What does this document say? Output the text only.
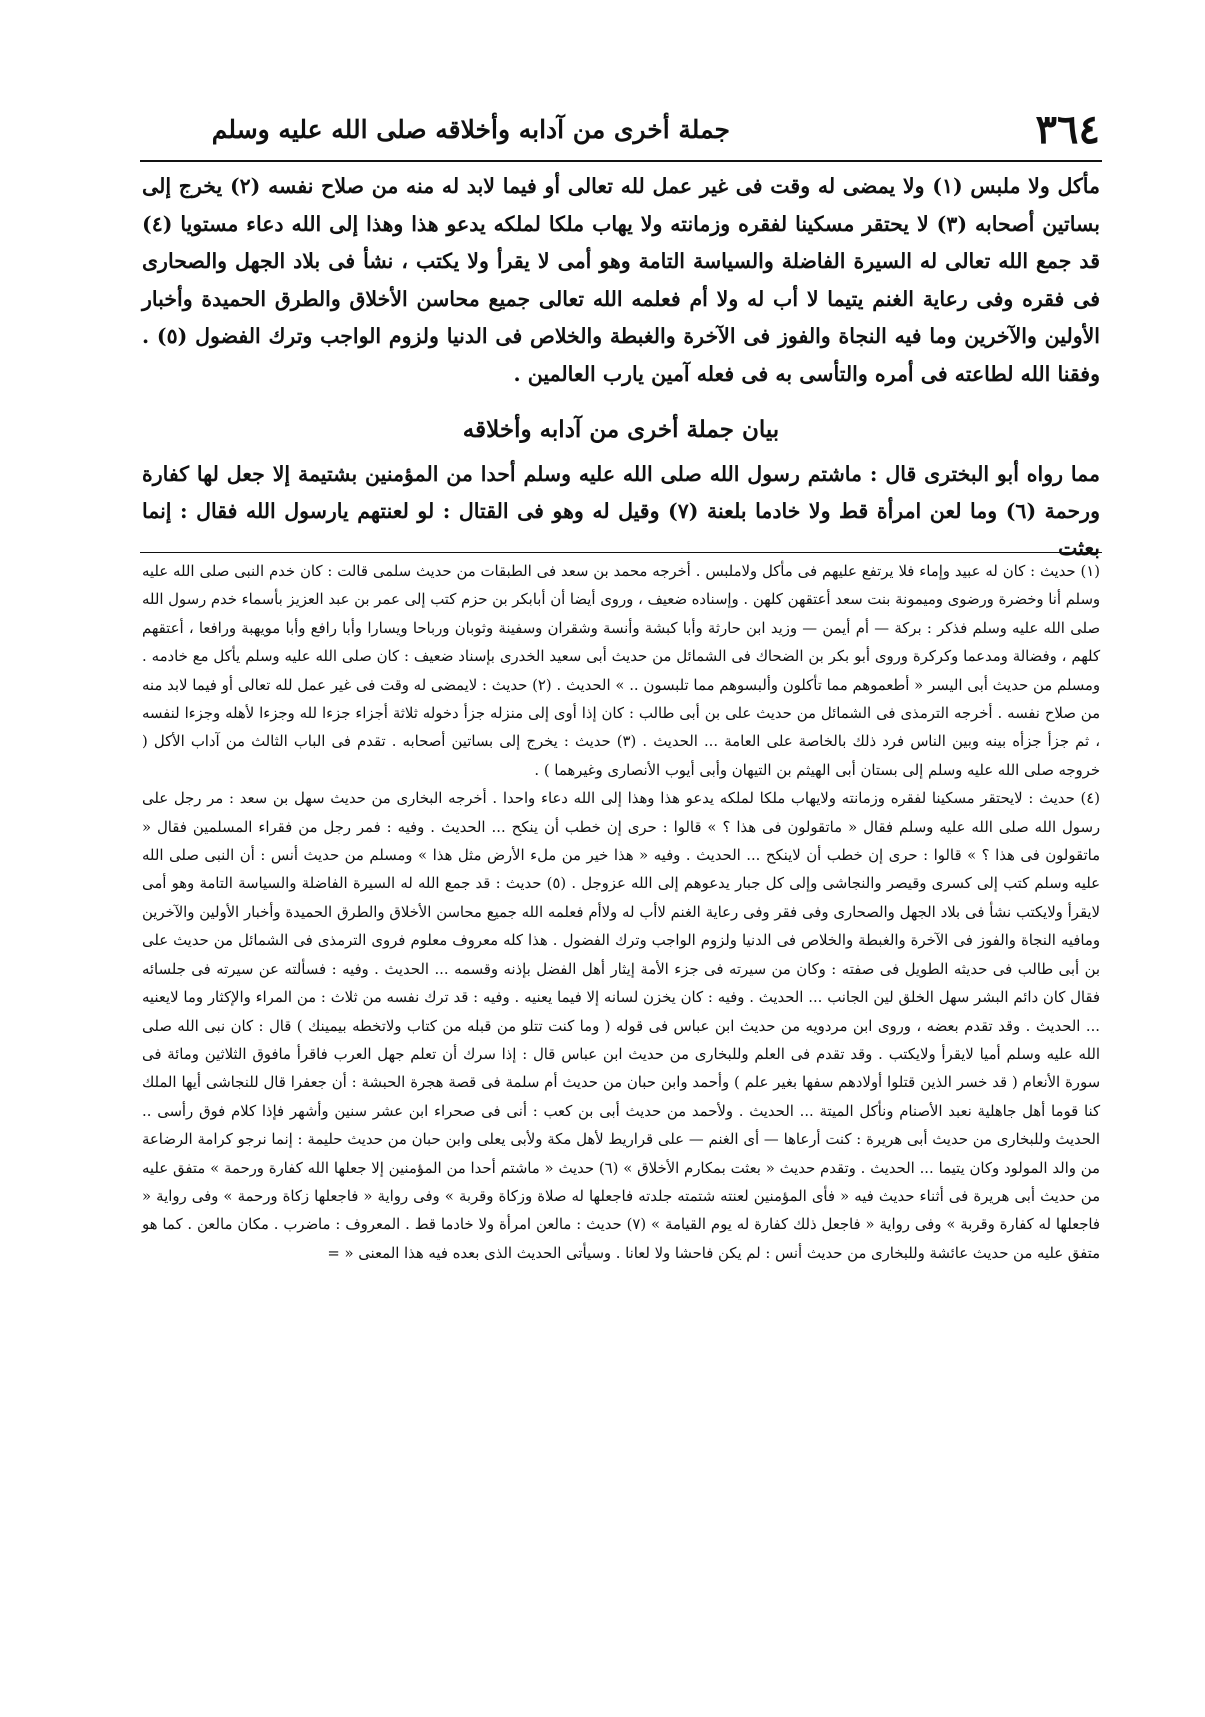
٣٦٤
جملة أخرى من آدابه وأخلاقه صلى الله عليه وسلم

مأكل ولا ملبس (١) ولا يمضى له وقت فى غير عمل لله تعالى أو فيما لابد له منه من صلاح نفسه (٢) يخرج إلى بساتين أصحابه (٣) لا يحتقر مسكينا لفقره وزمانته ولا يهاب ملكا لملكه يدعو هذا وهذا إلى الله دعاء مستويا (٤) قد جمع الله تعالى له السيرة الفاضلة والسياسة التامة وهو أمى لا يقرأ ولا يكتب ، نشأ فى بلاد الجهل والصحارى فى فقره وفى رعاية الغنم يتيما لا أب له ولا أم فعلمه الله تعالى جميع محاسن الأخلاق والطرق الحميدة وأخبار الأولين والآخرين وما فيه النجاة والفوز فى الآخرة والغبطة والخلاص فى الدنيا ولزوم الواجب وترك الفضول (٥) . وفقنا الله لطاعته فى أمره والتأسى به فى فعله آمين يارب العالمين .

بيان جملة أخرى من آدابه وأخلاقه

مما رواه أبو البخترى قال : ماشتم رسول الله صلى الله عليه وسلم أحدا من المؤمنين بشتيمة إلا جعل لها كفارة ورحمة (٦) وما لعن امرأة قط ولا خادما بلعنة (٧) وقيل له وهو فى القتال : لو لعنتهم يارسول الله فقال : إنما بعثت

(١) حديث : كان له عبيد وإماء فلا يرتفع عليهم فى مأكل ولاملبس . أخرجه محمد بن سعد فى الطبقات من حديث سلمى قالت : كان خدم النبى صلى الله عليه وسلم أنا وخضرة ورضوى وميمونة بنت سعد أعتقهن كلهن . وإسناده ضعيف ، وروى أيضا أن أبابكر بن حزم كتب إلى عمر بن عبد العزيز بأسماء خدم رسول الله صلى الله عليه وسلم فذكر : بركة — أم أيمن — وزيد ابن حارثة وأبا كبشة وأنسة وشقران وسفينة وثوبان ورباحا ويسارا وأبا رافع وأبا مويهبة ورافعا ، أعتقهم كلهم ، وفضالة ومدعما وكركرة وروى أبو بكر بن الضحاك فى الشمائل من حديث أبى سعيد الخدرى بإسناد ضعيف : كان صلى الله عليه وسلم يأكل مع خادمه . ومسلم من حديث أبى اليسر « أطعموهم مما تأكلون وألبسوهم مما تلبسون .. » الحديث . (٢) حديث : لايمضى له وقت فى غير عمل لله تعالى أو فيما لابد منه من صلاح نفسه . أخرجه الترمذى فى الشمائل من حديث على بن أبى طالب : كان إذا أوى إلى منزله جزأ دخوله ثلاثة أجزاء جزءا لله وجزءا لأهله وجزءا لنفسه ، ثم جزأ جزأه بينه وبين الناس فرد ذلك بالخاصة على العامة ... الحديث . (٣) حديث : يخرج إلى بساتين أصحابه . تقدم فى الباب الثالث من آداب الأكل ( خروجه صلى الله عليه وسلم إلى بستان أبى الهيثم بن التيهان وأبى أيوب الأنصارى وغيرهما ) .

(٤) حديث : لايحتقر مسكينا لفقره وزمانته ولايهاب ملكا لملكه يدعو هذا وهذا إلى الله دعاء واحدا . أخرجه البخارى من حديث سهل بن سعد : مر رجل على رسول الله صلى الله عليه وسلم فقال « ماتقولون فى هذا ؟ » قالوا : حرى إن خطب أن ينكح ... الحديث . وفيه : فمر رجل من فقراء المسلمين فقال « ماتقولون فى هذا ؟ » قالوا : حرى إن خطب أن لاينكح ... الحديث . وفيه « هذا خير من ملء الأرض مثل هذا » ومسلم من حديث أنس : أن النبى صلى الله عليه وسلم كتب إلى كسرى وقيصر والنجاشى وإلى كل جبار يدعوهم إلى الله عزوجل . (٥) حديث : قد جمع الله له السيرة الفاضلة والسياسة التامة وهو أمى لايقرأ ولايكتب نشأ فى بلاد الجهل والصحارى وفى فقر وفى رعاية الغنم لاأب له ولاأم فعلمه الله جميع محاسن الأخلاق والطرق الحميدة وأخبار الأولين والآخرين ومافيه النجاة والفوز فى الآخرة والغبطة والخلاص فى الدنيا ولزوم الواجب وترك الفضول . هذا كله معروف معلوم فروى الترمذى فى الشمائل من حديث على بن أبى طالب فى حديثه الطويل فى صفته : وكان من سيرته فى جزء الأمة إيثار أهل الفضل بإذنه وقسمه ... الحديث . وفيه : فسألته عن سيرته فى جلسائه فقال كان دائم البشر سهل الخلق لين الجانب ... الحديث . وفيه : كان يخزن لسانه إلا فيما يعنيه . وفيه : قد ترك نفسه من ثلاث : من المراء والإكثار وما لايعنيه ... الحديث . وقد تقدم بعضه ، وروى ابن مردويه من حديث ابن عباس فى قوله ( وما كنت تتلو من قبله من كتاب ولاتخطه بيمينك ) قال : كان نبى الله صلى الله عليه وسلم أميا لايقرأ ولايكتب . وقد تقدم فى العلم وللبخارى من حديث ابن عباس قال : إذا سرك أن تعلم جهل العرب فاقرأ مافوق الثلاثين ومائة فى سورة الأنعام ( قد خسر الذين قتلوا أولادهم سفها بغير علم ) وأحمد وابن حبان من حديث أم سلمة فى قصة هجرة الحبشة : أن جعفرا قال للنجاشى أيها الملك كنا قوما أهل جاهلية نعبد الأصنام ونأكل الميتة ... الحديث . ولأحمد من حديث أبى بن كعب : أنى فى صحراء ابن عشر سنين وأشهر فإذا كلام فوق رأسى .. الحديث وللبخارى من حديث أبى هريرة : كنت أرعاها — أى الغنم — على قراريط لأهل مكة ولأبى يعلى وابن حبان من حديث حليمة : إنما نرجو كرامة الرضاعة من والد المولود وكان يتيما ... الحديث . وتقدم حديث « بعثت بمكارم الأخلاق » (٦) حديث « ماشتم أحدا من المؤمنين إلا جعلها الله كفارة ورحمة » متفق عليه من حديث أبى هريرة فى أثناء حديث فيه « فأى المؤمنين لعنته شتمته جلدته فاجعلها له صلاة وزكاة وقربة » وفى رواية « فاجعلها زكاة ورحمة » وفى رواية « فاجعلها له كفارة وقربة » وفى رواية « فاجعل ذلك كفارة له يوم القيامة » (٧) حديث : مالعن امرأة ولا خادما قط . المعروف : ماضرب . مكان مالعن . كما هو متفق عليه من حديث عائشة وللبخارى من حديث أنس : لم يكن فاحشا ولا لعانا . وسيأتى الحديث الذى بعده فيه هذا المعنى « =
